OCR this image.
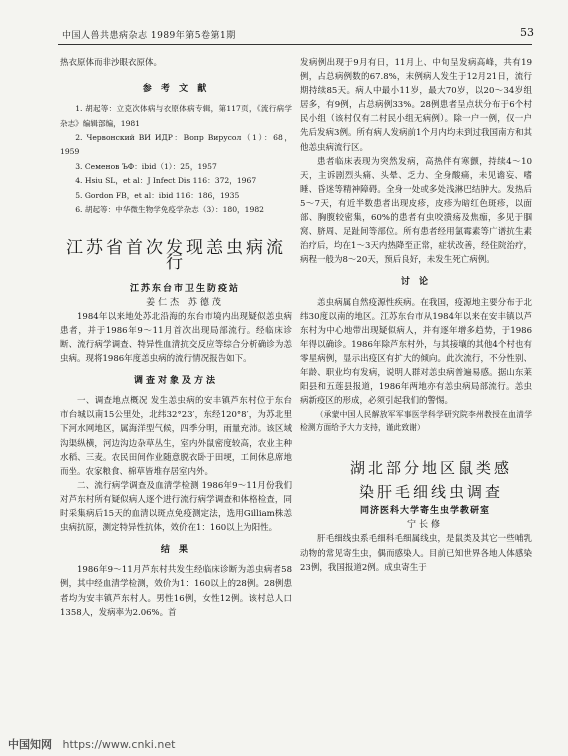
中国人兽共患病杂志 1989年第5卷第1期	53

热衣原体而非沙眼衣原体。

参 考 文 献

1. 胡起等：立克次体病与衣原体病专辑，第117页，《流行病学杂志》编辑部编，1981

2. Червонский ВИ ИДР：Вопр Вирусол（1）：68，1959

3. Семенов ЪФ：ibid（1）：25，1957

4. Hsiu SL，et al：J Infect Dis 116：372，1967

5. Gordon FB，et al：ibid 116：186，1935

6. 胡起等：中华微生物学免疫学杂志（3）：180，1982

江苏省首次发现恙虫病流行

江苏东台市卫生防疫站

姜仁杰 苏德茂

1984年以来地处苏北沿海的东台市境内出现疑似恙虫病患者，并于1986年9～11月首次出现局部流行。经临床诊断、流行病学调查、特异性血清抗交反应等综合分析确诊为恙虫病。现将1986年度恙虫病的流行情况报告如下。

调查对象及方法

一、调查地点概况 发生恙虫病的安丰镇芦东村位于东台市台城以南15公里处，北纬32°23′，东经120°8′，为苏北里下河水网地区，属海洋型气候，四季分明，雨量充沛。该区域沟渠纵横，河边沟边杂草丛生，室内外鼠密度较高，农业主种水稻、三麦。农民田间作业随意脱衣卧于田埂，工间休息席地而坐。农家粮食、棉草皆堆存居室内外。

二、流行病学调查及血清学检测 1986年9～11月份我们对芦东村所有疑似病人逐个进行流行病学调查和体格检查，同时采集病后15天的血清以斑点免疫测定法，选用Gilliam株恙虫病抗原，测定特异性抗体，效价在1：160以上为阳性。

结 果

1986年9～11月芦东村共发生经临床诊断为恙虫病者58例，其中经血清学检测，效价为1：160以上的28例。28例患者均为安丰镇芦东村人。男性16例，女性12例。该村总人口1358人，发病率为2.06%。首

发病例出现于9月有日，11月上、中旬呈发病高峰，共有19例，占总病例数的67.8%，末例病人发生于12月21日，流行期持续85天。病人中最小11岁，最大70岁，以20～34岁组居多，有9例，占总病例33%。28例患者呈点状分布于6个村民小组（该村仅有二村民小组无病例）。除一户一例，仅一户先后发病3例。所有病人发病前1个月内均未到过我国南方和其他恙虫病流行区。

患者临床表现为突然发病，高热伴有寒颤，持续4～10天，主诉剧烈头痛、头晕、乏力、全身酸痛，未见谵妄、嗜睡、昏迷等精神障碍。全身一处或多处浅淋巴结肿大。发热后5～7天，有近半数患者出现皮疹，皮疹为暗红色斑疹，以面部、胸腹较密集，60%的患者有虫咬溃疡及焦痂，多见于腘窝、脐周、足趾间等部位。所有患者经用氯霉素等广谱抗生素治疗后，均在1～3天内热降至正常，症状改善，经住院治疗，病程一般为8～20天，预后良好，未发生死亡病例。

讨 论

恙虫病属自然疫源性疾病。在我国，疫源地主要分布于北纬30度以南的地区。江苏东台市从1984年以来在安丰镇以芦东村为中心地带出现疑似病人，并有逐年增多趋势，于1986年得以确诊。1986年除芦东村外，与其接壤的其他4个村也有零星病例，显示出疫区有扩大的倾向。此次流行，不分性别、年龄、职业均有发病，说明人群对恙虫病普遍易感。据山东莱阳县和五莲县报道，1986年两地亦有恙虫病局部流行。恙虫病新疫区的形成，必须引起我们的警惕。

（承蒙中国人民解放军军事医学科学研究院李州教授在血清学检测方面给予大力支持，谨此致谢）

湖北部分地区鼠类感

染肝毛细线虫调查

同济医科大学寄生虫学教研室

宁长修

肝毛细线虫系毛细科毛细属线虫，是鼠类及其它一些哺乳动物的常见寄生虫，偶而感染人。目前已知世界各地人体感染23例，我国报道2例。成虫寄生于

中国知网 https://www.cnki.net
